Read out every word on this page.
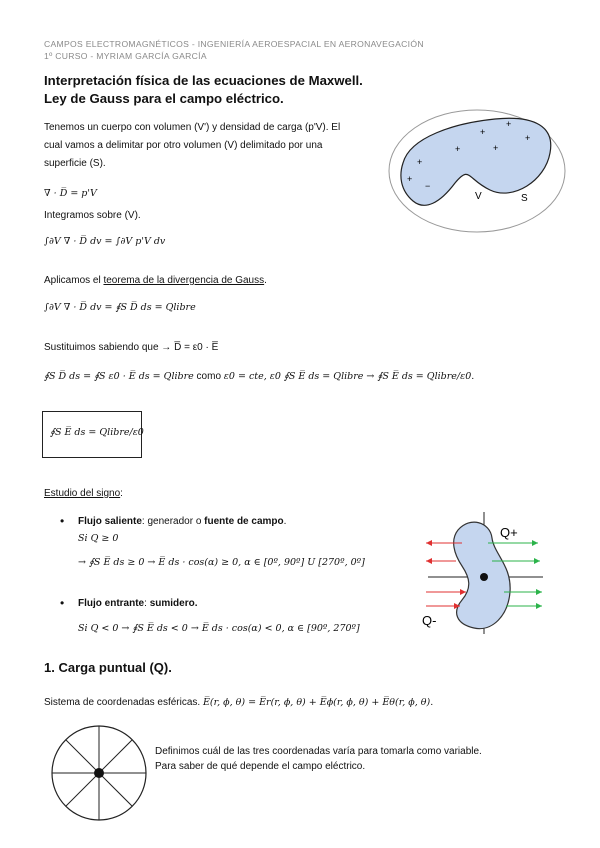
CAMPOS ELECTROMAGNÉTICOS - INGENIERÍA AEROESPACIAL EN AERONAVEGACIÓN
1º CURSO - MYRIAM GARCÍA GARCÍA
Interpretación física de las ecuaciones de Maxwell.
Ley de Gauss para el campo eléctrico.
Tenemos un cuerpo con volumen (V') y densidad de carga (p'V). El
cual vamos a delimitar por otro volumen (V) delimitado por una
superficie (S).
∇ · D̅ = p'V
Integramos sobre (V).
∫∂V ∇ · D̅ dv = ∫∂V p'V dv
Aplicamos el teorema de la divergencia de Gauss.
∫∂V ∇ · D̅ dv = ∮S D̅ ds = Qlibre
Sustituimos sabiendo que → D̅ = ε0 · E̅
∮S D̅ ds = ∮S ε0 · E̅ ds = Qlibre como ε0 = cte, ε0 ∮S E̅ ds = Qlibre → ∮S E̅ ds = Qlibre/ε0.
∮S E̅ ds = Qlibre/ε0
Estudio del signo:
• Flujo saliente: generador o fuente de campo.
Si Q ≥ 0
→ ∮S E̅ ds ≥ 0 → E̅ ds · cos(α) ≥ 0, α ∈ [0º, 90º] U [270º, 0º]
• Flujo entrante: sumidero.
Si Q < 0 → ∮S E̅ ds < 0 → E̅ ds · cos(α) < 0, α ∈ [90º, 270º]
1. Carga puntual (Q).
Sistema de coordenadas esféricas. E̅(r, ϕ, θ) = E̅r(r, ϕ, θ) + E̅ϕ(r, ϕ, θ) + E̅θ(r, ϕ, θ).
Definimos cuál de las tres coordenadas varía para tomarla como variable.
Para saber de qué depende el campo eléctrico.
+
+
+
+
+
+
+
−
V	S
Q+
Q-
